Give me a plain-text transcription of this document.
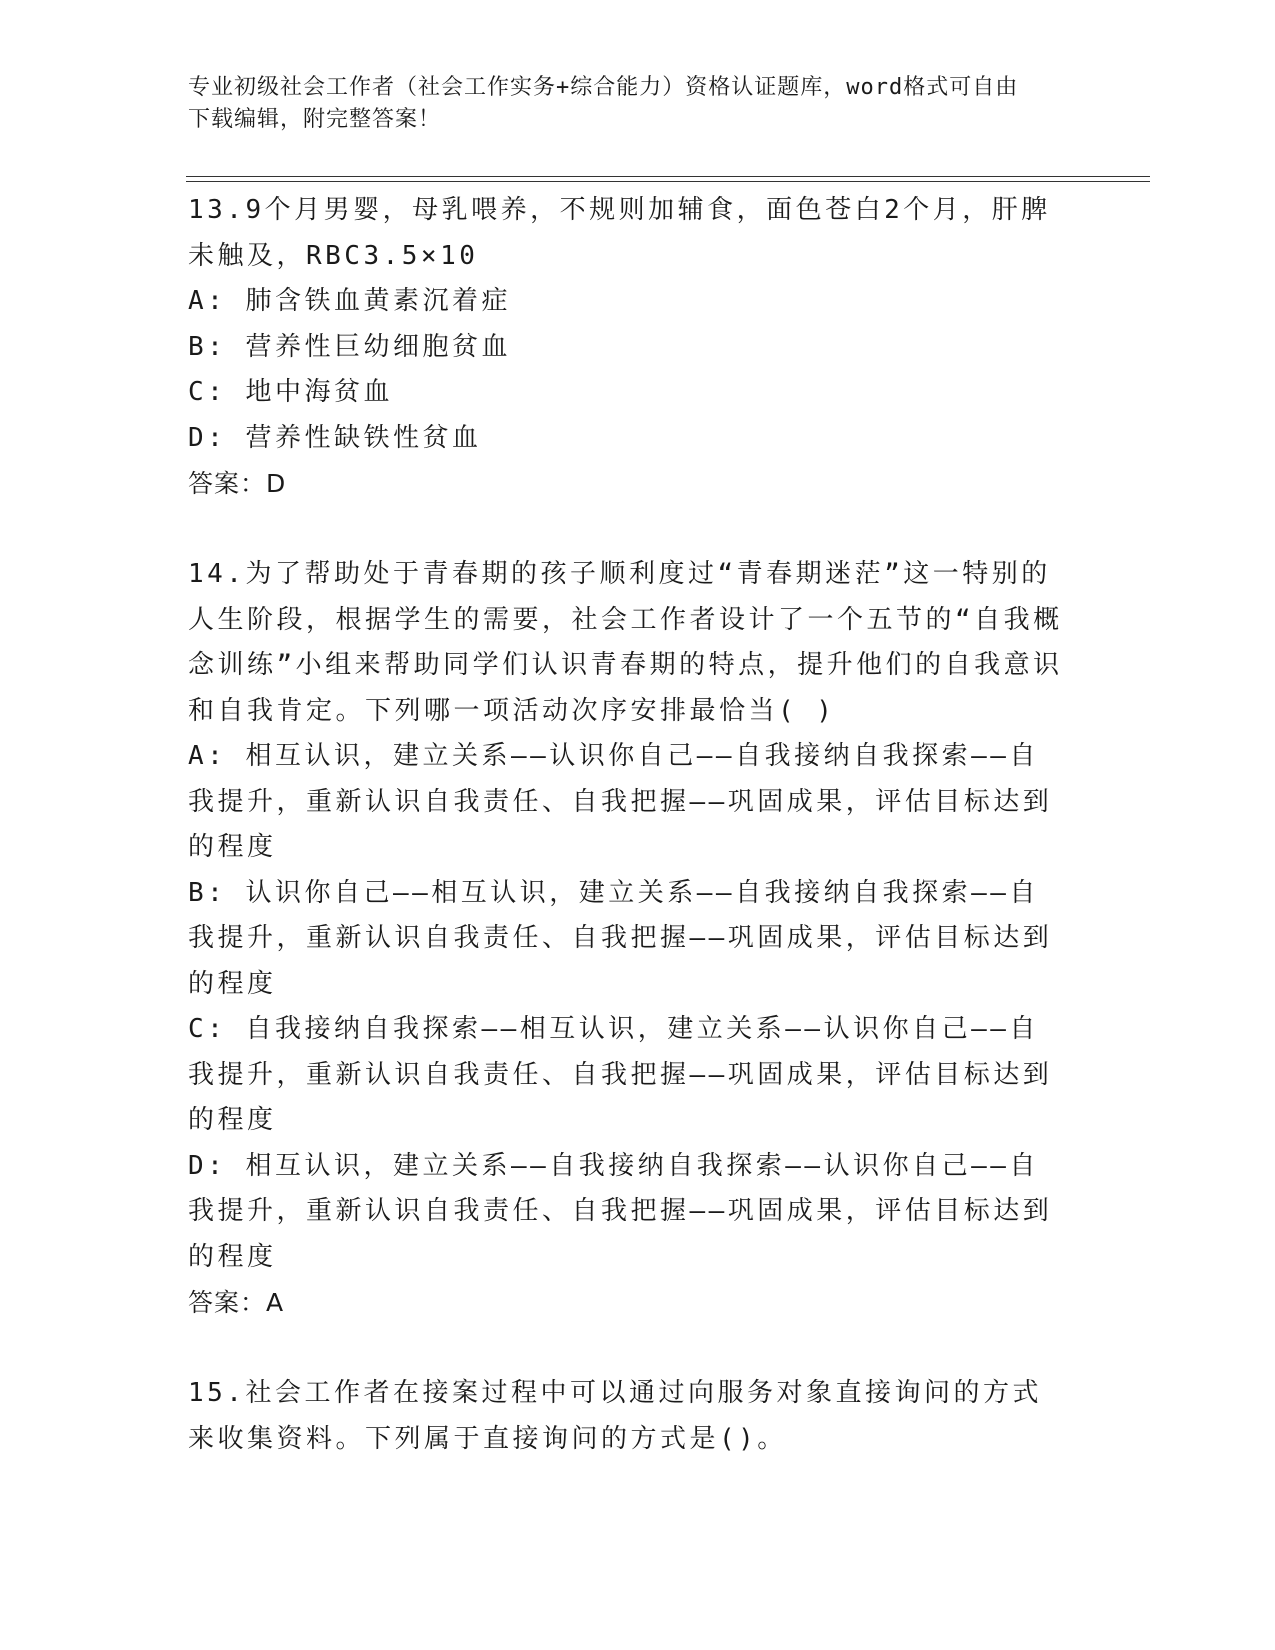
专业初级社会工作者（社会工作实务+综合能力）资格认证题库，word格式可自由
下载编辑，附完整答案！

13.9个月男婴，母乳喂养，不规则加辅食，面色苍白2个月，肝脾未触及，RBC3.5×10

A: 肺含铁血黄素沉着症

B: 营养性巨幼细胞贫血

C: 地中海贫血

D: 营养性缺铁性贫血

答案：D

14.为了帮助处于青春期的孩子顺利度过“青春期迷茫”这一特别的人生阶段，根据学生的需要，社会工作者设计了一个五节的“自我概念训练”小组来帮助同学们认识青春期的特点，提升他们的自我意识和自我肯定。下列哪一项活动次序安排最恰当( )

A: 相互认识，建立关系——认识你自己——自我接纳自我探索——自我提升，重新认识自我责任、自我把握——巩固成果，评估目标达到的程度

B: 认识你自己——相互认识，建立关系——自我接纳自我探索——自我提升，重新认识自我责任、自我把握——巩固成果，评估目标达到的程度

C: 自我接纳自我探索——相互认识，建立关系——认识你自己——自我提升，重新认识自我责任、自我把握——巩固成果，评估目标达到的程度

D: 相互认识，建立关系——自我接纳自我探索——认识你自己——自我提升，重新认识自我责任、自我把握——巩固成果，评估目标达到的程度

答案：A

15.社会工作者在接案过程中可以通过向服务对象直接询问的方式来收集资料。下列属于直接询问的方式是()。
